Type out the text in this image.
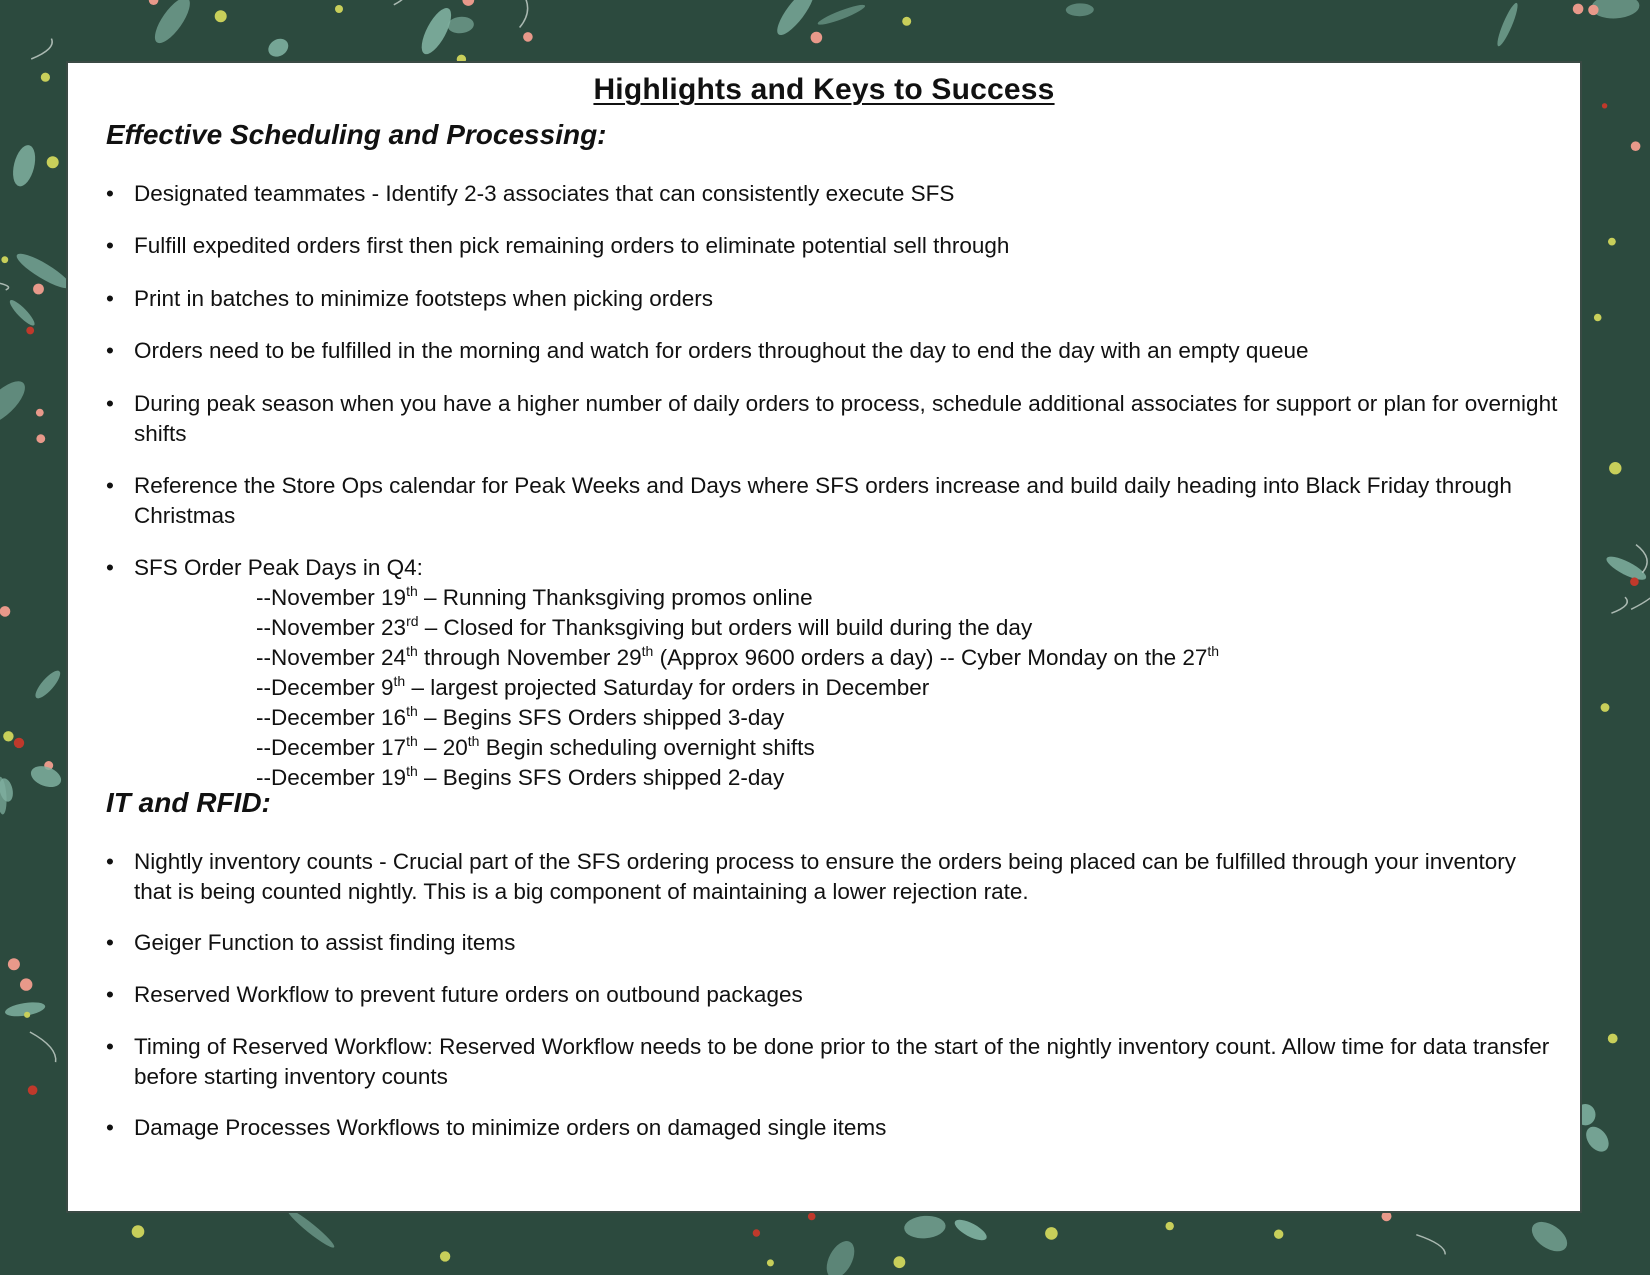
Highlights and Keys to Success
Effective Scheduling and Processing:
• Designated teammates - Identify 2-3 associates that can consistently execute SFS
• Fulfill expedited orders first then pick remaining orders to eliminate potential sell through
• Print in batches to minimize footsteps when picking orders
• Orders need to be fulfilled in the morning and watch for orders throughout the day to end the day with an empty queue
• During peak season when you have a higher number of daily orders to process, schedule additional associates for support or plan for overnight shifts
• Reference the Store Ops calendar for Peak Weeks and Days where SFS orders increase and build daily heading into Black Friday through Christmas
• SFS Order Peak Days in Q4:
--November 19th – Running Thanksgiving promos online
--November 23rd – Closed for Thanksgiving but orders will build during the day
--November 24th through November 29th (Approx 9600 orders a day) -- Cyber Monday on the 27th
--December 9th – largest projected Saturday for orders in December
--December 16th – Begins SFS Orders shipped 3-day
--December 17th – 20th Begin scheduling overnight shifts
--December 19th – Begins SFS Orders shipped 2-day
IT and RFID:
• Nightly inventory counts - Crucial part of the SFS ordering process to ensure the orders being placed can be fulfilled through your inventory that is being counted nightly. This is a big component of maintaining a lower rejection rate.
• Geiger Function to assist finding items
• Reserved Workflow to prevent future orders on outbound packages
• Timing of Reserved Workflow: Reserved Workflow needs to be done prior to the start of the nightly inventory count. Allow time for data transfer before starting inventory counts
• Damage Processes Workflows to minimize orders on damaged single items
